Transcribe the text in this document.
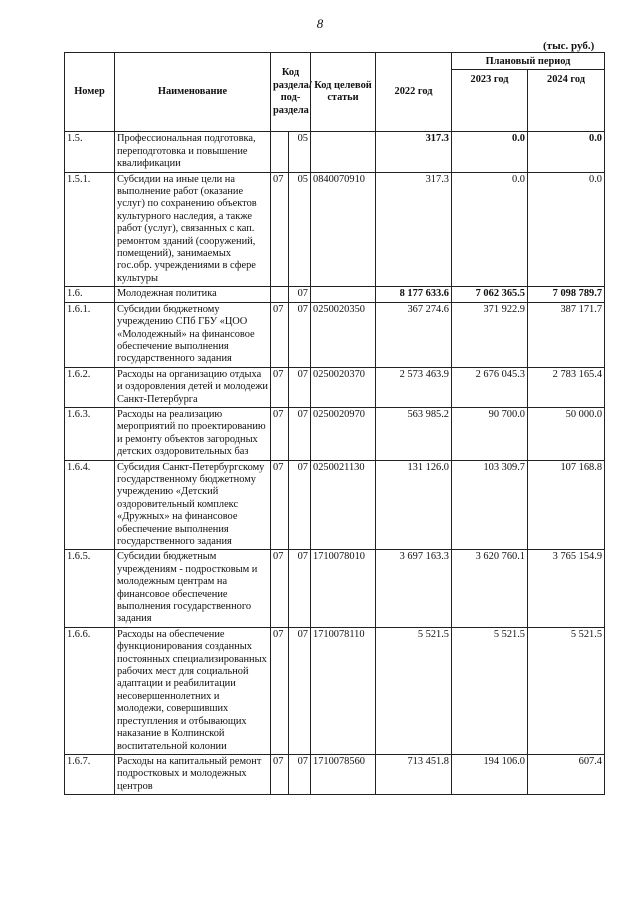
8
(тыс. руб.)
Номер	Наименование	Код раздела/ под- раздела		Код целевой статьи	2022 год	Плановый период	
						2023 год	2024 год
1.5.	Профессиональная подготовка, переподготовка и повышение квалификации		05		317.3	0.0	0.0
1.5.1.	Субсидии на иные цели на выполнение работ (оказание услуг) по сохранению объектов культурного наследия, а также работ (услуг), связанных с кап. ремонтом зданий (сооружений, помещений), занимаемых гос.обр. учреждениями в сфере культуры	07	05	0840070910	317.3	0.0	0.0
1.6.	Молодежная политика		07		8 177 633.6	7 062 365.5	7 098 789.7
1.6.1.	Субсидии бюджетному учреждению СПб ГБУ «ЦОО «Молодежный» на финансовое обеспечение выполнения государственного задания	07	07	0250020350	367 274.6	371 922.9	387 171.7
1.6.2.	Расходы на организацию отдыха и оздоровления детей и молодежи Санкт-Петербурга	07	07	0250020370	2 573 463.9	2 676 045.3	2 783 165.4
1.6.3.	Расходы на реализацию мероприятий по проектированию и ремонту объектов загородных детских оздоровительных баз	07	07	0250020970	563 985.2	90 700.0	50 000.0
1.6.4.	Субсидия Санкт-Петербургскому государственному бюджетному учреждению «Детский оздоровительный комплекс «Дружных» на финансовое обеспечение выполнения государственного задания	07	07	0250021130	131 126.0	103 309.7	107 168.8
1.6.5.	Субсидии бюджетным учреждениям - подростковым и молодежным центрам на финансовое обеспечение выполнения государственного задания	07	07	1710078010	3 697 163.3	3 620 760.1	3 765 154.9
1.6.6.	Расходы на обеспечение функционирования созданных постоянных специализированных рабочих мест для социальной адаптации и реабилитации несовершеннолетних и молодежи, совершивших преступления и отбывающих наказание в Колпинской воспитательной колонии	07	07	1710078110	5 521.5	5 521.5	5 521.5
1.6.7.	Расходы на капитальный ремонт подростковых и молодежных центров	07	07	1710078560	713 451.8	194 106.0	607.4
